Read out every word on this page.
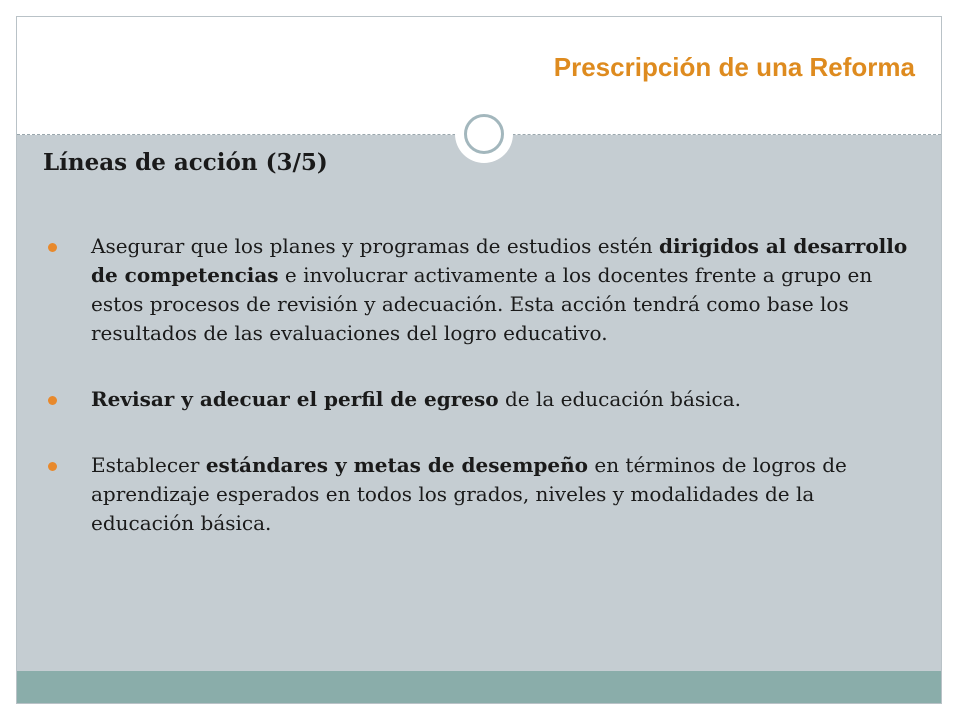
Prescripción de una Reforma
Líneas de acción (3/5)
Asegurar que los planes y programas de estudios estén dirigidos al desarrollo de competencias e involucrar activamente a los docentes frente a grupo en estos procesos de revisión y adecuación. Esta acción tendrá como base los resultados de las evaluaciones del logro educativo.
Revisar y adecuar el perfil de egreso de la educación básica.
Establecer estándares y metas de desempeño en términos de logros de aprendizaje esperados en todos los grados, niveles y modalidades de la educación básica.
